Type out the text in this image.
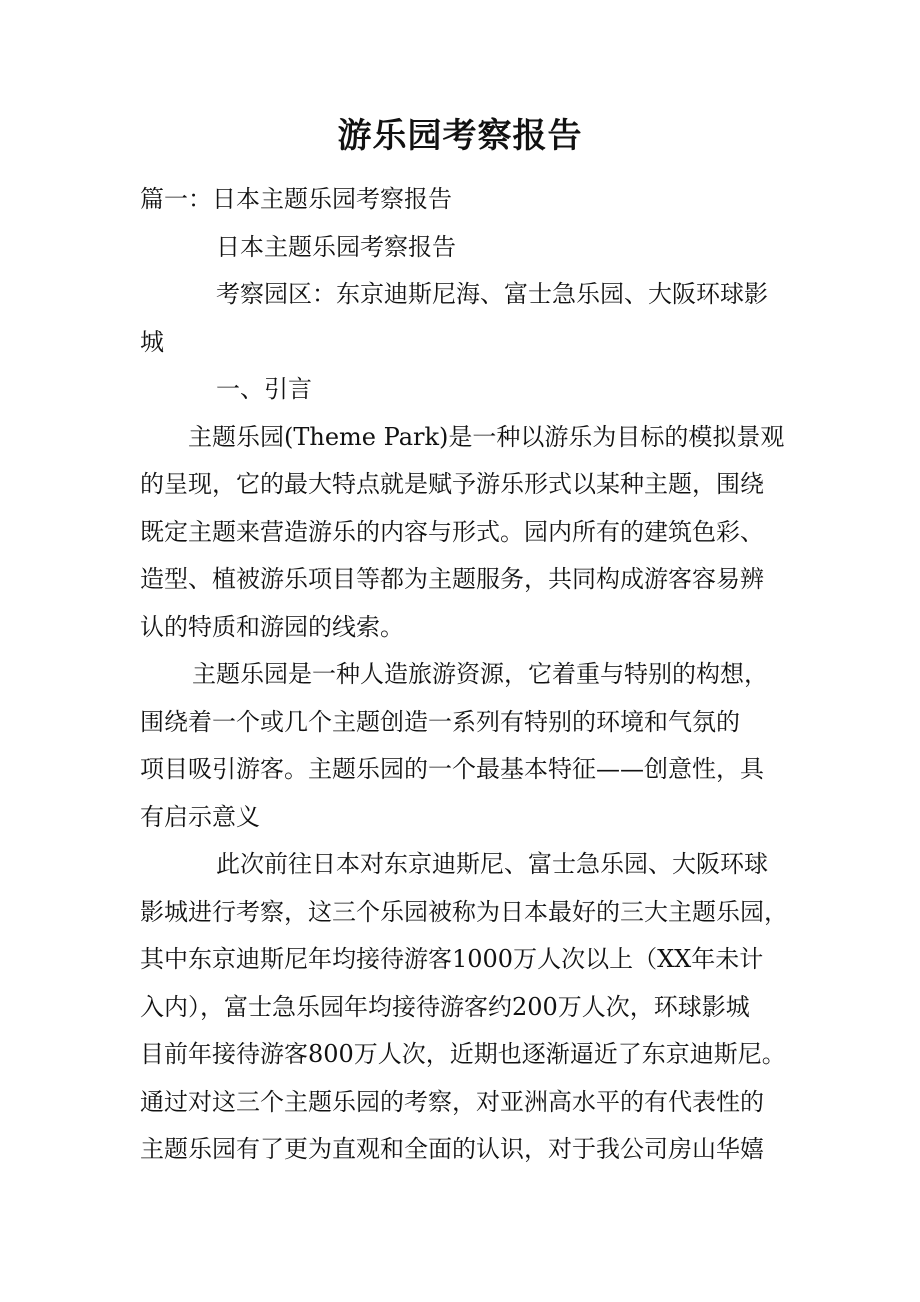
游乐园考察报告
篇一：日本主题乐园考察报告
日本主题乐园考察报告
考察园区：东京迪斯尼海、富士急乐园、大阪环球影
城
一、引言
主题乐园(Theme Park)是一种以游乐为目标的模拟景观
的呈现，它的最大特点就是赋予游乐形式以某种主题，围绕
既定主题来营造游乐的内容与形式。园内所有的建筑色彩、
造型、植被游乐项目等都为主题服务，共同构成游客容易辨
认的特质和游园的线索。
主题乐园是一种人造旅游资源，它着重与特别的构想，
围绕着一个或几个主题创造一系列有特别的环境和气氛的
项目吸引游客。主题乐园的一个最基本特征——创意性，具
有启示意义
此次前往日本对东京迪斯尼、富士急乐园、大阪环球
影城进行考察，这三个乐园被称为日本最好的三大主题乐园，
其中东京迪斯尼年均接待游客1000万人次以上（XX年未计
入内），富士急乐园年均接待游客约200万人次，环球影城
目前年接待游客800万人次，近期也逐渐逼近了东京迪斯尼。
通过对这三个主题乐园的考察，对亚洲高水平的有代表性的
主题乐园有了更为直观和全面的认识，对于我公司房山华嬉
